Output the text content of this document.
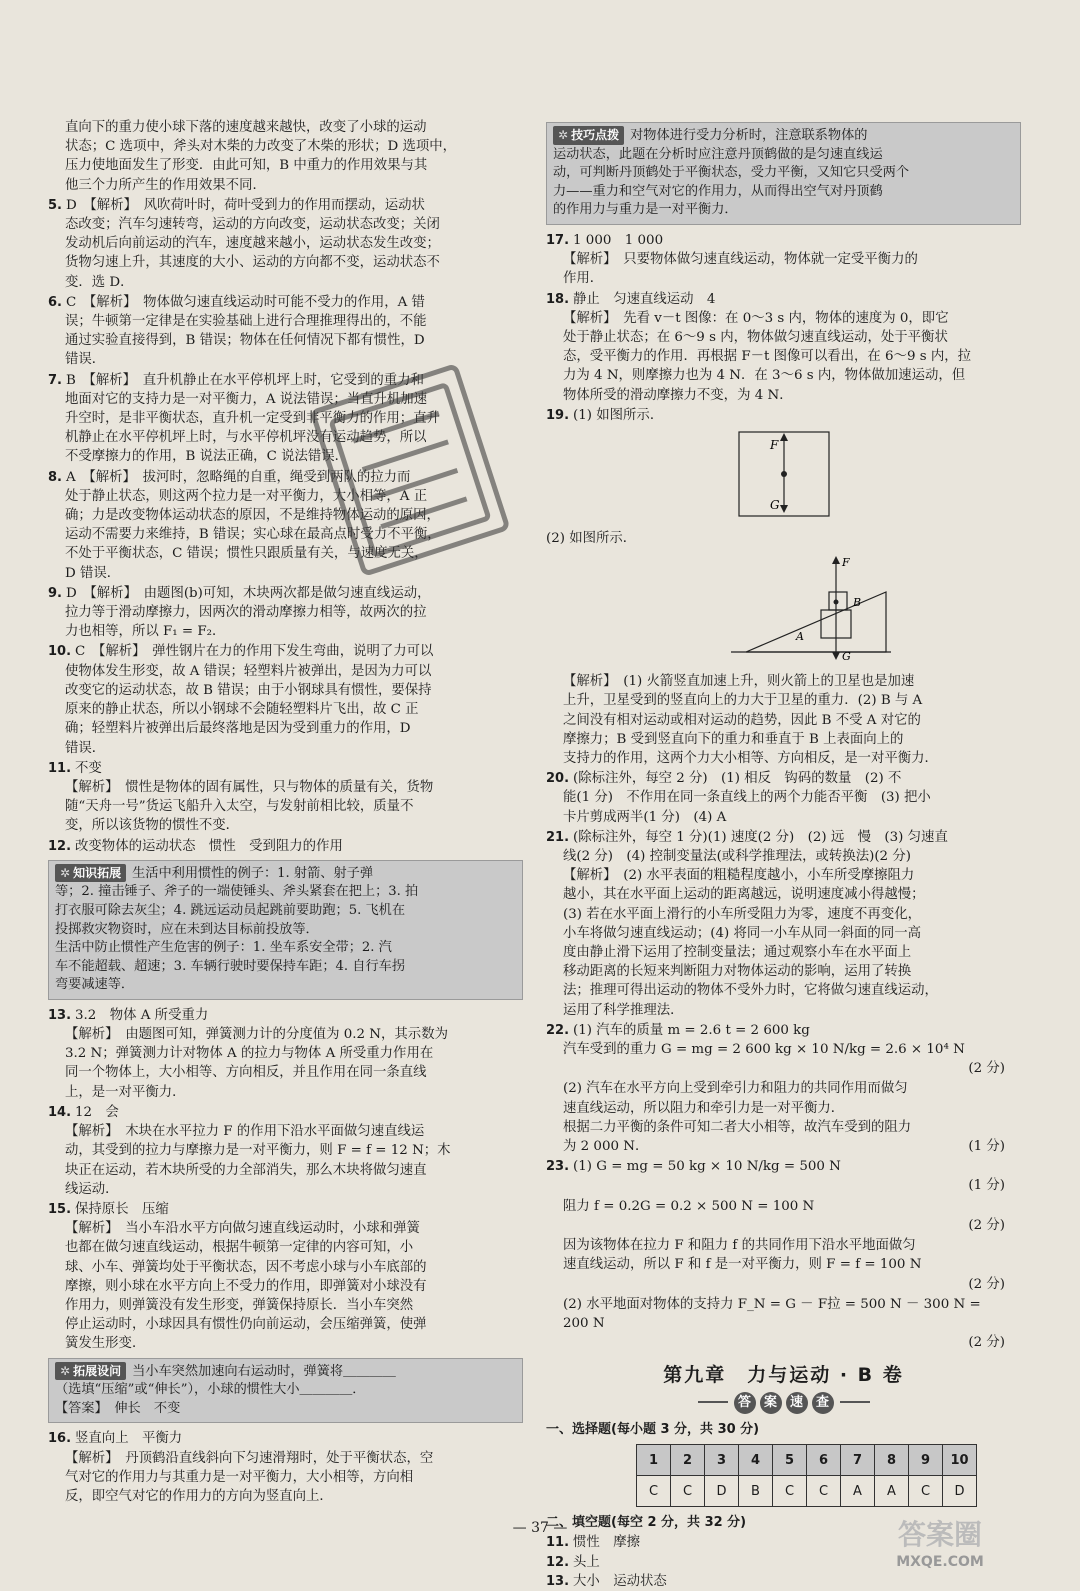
直向下的重力使小球下落的速度越来越快，改变了小球的运动
状态；C 选项中，斧头对木柴的力改变了木柴的形状；D 选项中，
压力使地面发生了形变．由此可知，B 中重力的作用效果与其
他三个力所产生的作用效果不同．
5. D　【解析】　风吹荷叶时，荷叶受到力的作用而摆动，运动状
态改变；汽车匀速转弯，运动的方向改变，运动状态改变；关闭
发动机后向前运动的汽车，速度越来越小，运动状态发生改变；
货物匀速上升，其速度的大小、运动的方向都不变，运动状态不
变．选 D．
6. C　【解析】　物体做匀速直线运动时可能不受力的作用，A 错
误；牛顿第一定律是在实验基础上进行合理推理得出的，不能
通过实验直接得到，B 错误；物体在任何情况下都有惯性，D
错误．
7. B　【解析】　直升机静止在水平停机坪上时，它受到的重力和
地面对它的支持力是一对平衡力，A 说法错误；当直升机加速
升空时，是非平衡状态，直升机一定受到非平衡力的作用；直升
机静止在水平停机坪上时，与水平停机坪没有运动趋势，所以
不受摩擦力的作用，B 说法正确，C 说法错误．
8. A　【解析】　拔河时，忽略绳的自重，绳受到两队的拉力而
处于静止状态，则这两个拉力是一对平衡力，大小相等，A 正
确；力是改变物体运动状态的原因，不是维持物体运动的原因，
运动不需要力来维持，B 错误；实心球在最高点时受力不平衡，
不处于平衡状态，C 错误；惯性只跟质量有关，与速度无关，
D 错误．
9. D　【解析】　由题图(b)可知，木块两次都是做匀速直线运动，
拉力等于滑动摩擦力，因两次的滑动摩擦力相等，故两次的拉
力也相等，所以 F₁ = F₂．
10. C　【解析】　弹性钢片在力的作用下发生弯曲，说明了力可以
使物体发生形变，故 A 错误；轻塑料片被弹出，是因为力可以
改变它的运动状态，故 B 错误；由于小钢球具有惯性，要保持
原来的静止状态，所以小钢球不会随轻塑料片飞出，故 C 正
确；轻塑料片被弹出后最终落地是因为受到重力的作用，D
错误．
11. 不变
【解析】　惯性是物体的固有属性，只与物体的质量有关，货物
随“天舟一号”货运飞船升入太空，与发射前相比较，质量不
变，所以该货物的惯性不变．
12. 改变物体的运动状态　惯性　受到阻力的作用
✲ 知识拓展 生活中利用惯性的例子：1. 射箭、射子弹
等；2. 撞击锤子、斧子的一端使锤头、斧头紧套在把上；3. 拍
打衣服可除去灰尘；4. 跳远运动员起跳前要助跑；5. 飞机在
投掷救灾物资时，应在未到达目标前投放等．
生活中防止惯性产生危害的例子：1. 坐车系安全带；2. 汽
车不能超载、超速；3. 车辆行驶时要保持车距；4. 自行车拐
弯要减速等．
13. 3.2　物体 A 所受重力
【解析】　由题图可知，弹簧测力计的分度值为 0.2 N，其示数为
3.2 N；弹簧测力计对物体 A 的拉力与物体 A 所受重力作用在
同一个物体上，大小相等、方向相反，并且作用在同一条直线
上，是一对平衡力．
14. 12　会
【解析】　木块在水平拉力 F 的作用下沿水平面做匀速直线运
动，其受到的拉力与摩擦力是一对平衡力，则 F = f = 12 N；木
块正在运动，若木块所受的力全部消失，那么木块将做匀速直
线运动．
15. 保持原长　压缩
【解析】　当小车沿水平方向做匀速直线运动时，小球和弹簧
也都在做匀速直线运动，根据牛顿第一定律的内容可知，小
球、小车、弹簧均处于平衡状态，因不考虑小球与小车底部的
摩擦，则小球在水平方向上不受力的作用，即弹簧对小球没有
作用力，则弹簧没有发生形变，弹簧保持原长．当小车突然
停止运动时，小球因具有惯性仍向前运动，会压缩弹簧，使弹
簧发生形变．
✲ 拓展设问 当小车突然加速向右运动时，弹簧将＿＿＿＿
（选填“压缩”或“伸长”），小球的惯性大小＿＿＿＿．
【答案】　伸长　不变
16. 竖直向上　平衡力
【解析】　丹顶鹤沿直线斜向下匀速滑翔时，处于平衡状态，空
气对它的作用力与其重力是一对平衡力，大小相等，方向相
反，即空气对它的作用力的方向为竖直向上．
✲ 技巧点拨 对物体进行受力分析时，注意联系物体的
运动状态，此题在分析时应注意丹顶鹤做的是匀速直线运
动，可判断丹顶鹤处于平衡状态，受力平衡，又知它只受两个
力——重力和空气对它的作用力，从而得出空气对丹顶鹤
的作用力与重力是一对平衡力．
17. 1 000　1 000
【解析】　只要物体做匀速直线运动，物体就一定受平衡力的
作用．
18. 静止　匀速直线运动　4
【解析】　先看 v－t 图像：在 0～3 s 内，物体的速度为 0，即它
处于静止状态；在 6～9 s 内，物体做匀速直线运动，处于平衡状
态，受平衡力的作用．再根据 F－t 图像可以看出，在 6～9 s 内，拉
力为 4 N，则摩擦力也为 4 N．在 3～6 s 内，物体做加速运动，但
物体所受的滑动摩擦力不变，为 4 N．
19. (1) 如图所示．
F
G
(2) 如图所示．
F
B
A
G
【解析】　(1) 火箭竖直加速上升，则火箭上的卫星也是加速
上升，卫星受到的竖直向上的力大于卫星的重力．(2) B 与 A
之间没有相对运动或相对运动的趋势，因此 B 不受 A 对它的
摩擦力；B 受到竖直向下的重力和垂直于 B 上表面向上的
支持力的作用，这两个力大小相等、方向相反，是一对平衡力．
20. (除标注外，每空 2 分)　(1) 相反　钩码的数量　(2) 不
能(1 分)　不作用在同一条直线上的两个力能否平衡　(3) 把小
卡片剪成两半(1 分)　(4) A
21. (除标注外，每空 1 分)(1) 速度(2 分)　(2) 远　慢　(3) 匀速直
线(2 分)　(4) 控制变量法(或科学推理法，或转换法)(2 分)
【解析】　(2) 水平表面的粗糙程度越小，小车所受摩擦阻力
越小，其在水平面上运动的距离越远，说明速度减小得越慢；
(3) 若在水平面上滑行的小车所受阻力为零，速度不再变化，
小车将做匀速直线运动；(4) 将同一小车从同一斜面的同一高
度由静止滑下运用了控制变量法；通过观察小车在水平面上
移动距离的长短来判断阻力对物体运动的影响，运用了转换
法；推理可得出运动的物体不受外力时，它将做匀速直线运动，
运用了科学推理法．
22. (1) 汽车的质量 m = 2.6 t = 2 600 kg
汽车受到的重力 G = mg = 2 600 kg × 10 N/kg = 2.6 × 10⁴ N
(2 分)
(2) 汽车在水平方向上受到牵引力和阻力的共同作用而做匀
速直线运动，所以阻力和牵引力是一对平衡力．
根据二力平衡的条件可知二者大小相等，故汽车受到的阻力
为 2 000 N．	(1 分)
23. (1) G = mg = 50 kg × 10 N/kg = 500 N
(1 分)
阻力 f = 0.2G = 0.2 × 500 N = 100 N
(2 分)
因为该物体在拉力 F 和阻力 f 的共同作用下沿水平地面做匀
速直线运动，所以 F 和 f 是一对平衡力，则 F = f = 100 N
(2 分)
(2) 水平地面对物体的支持力 F_N = G － F拉 = 500 N － 300 N =
200 N
(2 分)
第九章　力与运动 · B 卷
答 案 速 查
一、选择题(每小题 3 分，共 30 分)
1	2	3	4	5	6	7	8	9	10
C	C	D	B	C	C	A	A	C	D
二、填空题(每空 2 分，共 32 分)
11. 惯性　摩擦
12. 头上
13. 大小　运动状态
— 37 —	答案圈
MXQE.COM
